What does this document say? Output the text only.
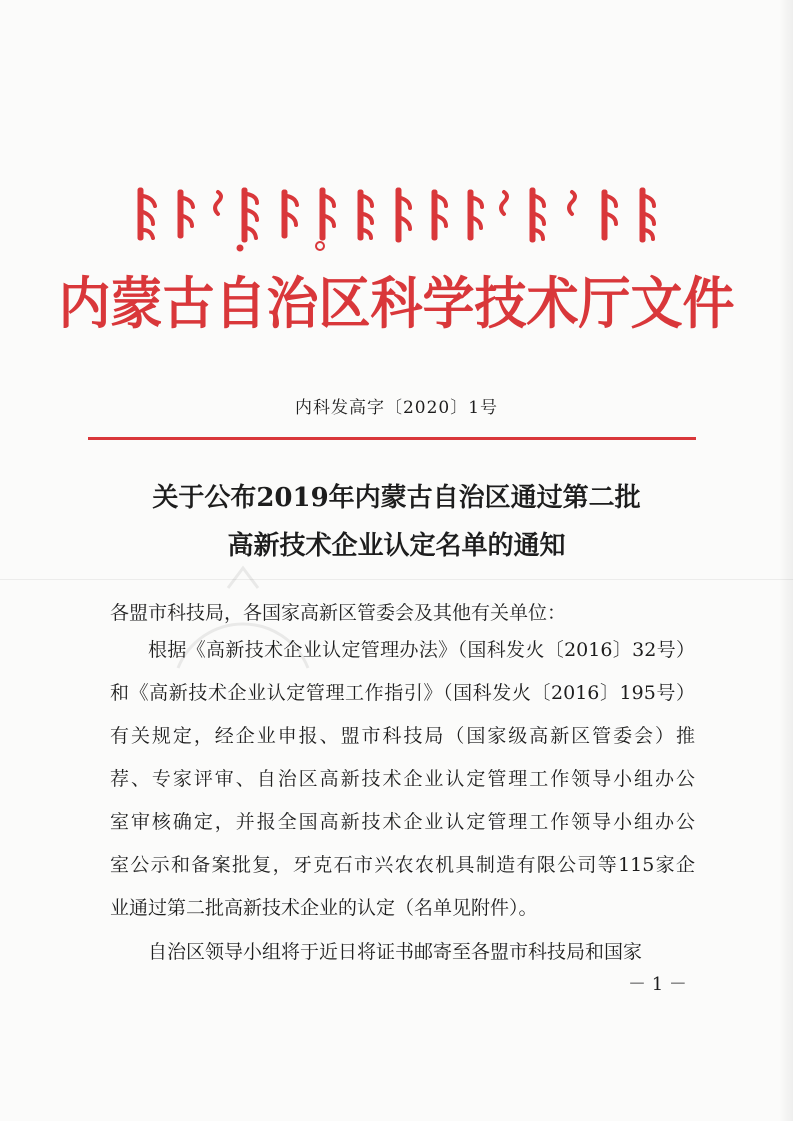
内蒙古自治区科学技术厅文件
内科发高字〔2020〕1号
关于公布2019年内蒙古自治区通过第二批
高新技术企业认定名单的通知
各盟市科技局，各国家高新区管委会及其他有关单位：
根据《高新技术企业认定管理办法》（国科发火〔2016〕32号）
和《高新技术企业认定管理工作指引》（国科发火〔2016〕195号）
有关规定，经企业申报、盟市科技局（国家级高新区管委会）推
荐、专家评审、自治区高新技术企业认定管理工作领导小组办公
室审核确定，并报全国高新技术企业认定管理工作领导小组办公
室公示和备案批复，牙克石市兴农农机具制造有限公司等115家企
业通过第二批高新技术企业的认定（名单见附件）。
自治区领导小组将于近日将证书邮寄至各盟市科技局和国家
－ 1 －
